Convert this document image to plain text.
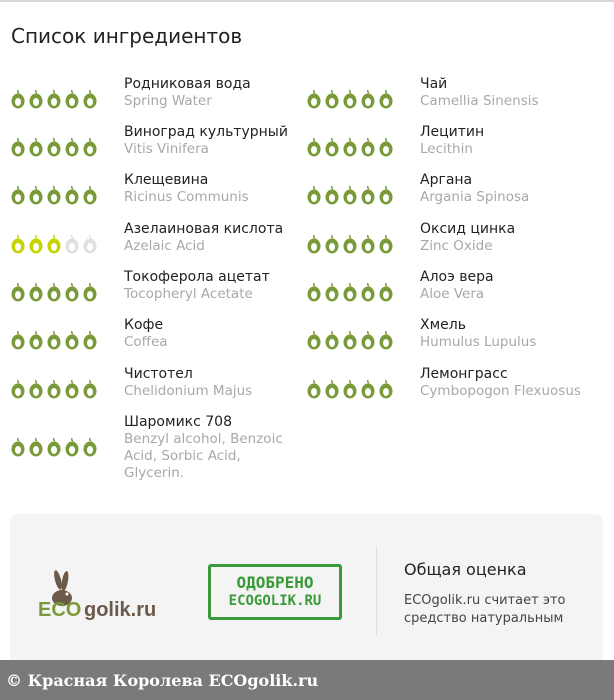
Список ингредиентов
Родниковая вода
Spring Water
Виноград культурный
Vitis Vinifera
Клещевина
Ricinus Communis
Азелаиновая кислота
Azelaic Acid
Токоферола ацетат
Tocopheryl Acetate
Кофе
Coffea
Чистотел
Chelidonium Majus
Шаромикс 708
Benzyl alcohol, Benzoic Acid, Sorbic Acid, Glycerin.
Чай
Camellia Sinensis
Лецитин
Lecithin
Аргана
Argania Spinosa
Оксид цинка
Zinc Oxide
Алоэ вера
Aloe Vera
Хмель
Humulus Lupulus
Лемонграсс
Cymbopogon Flexuosus
ECO golik.ru
ОДОБРЕНО
ECOGOLIK.RU
Общая оценка
ECOgolik.ru считает это средство натуральным
© Красная Королева ECOgolik.ru
